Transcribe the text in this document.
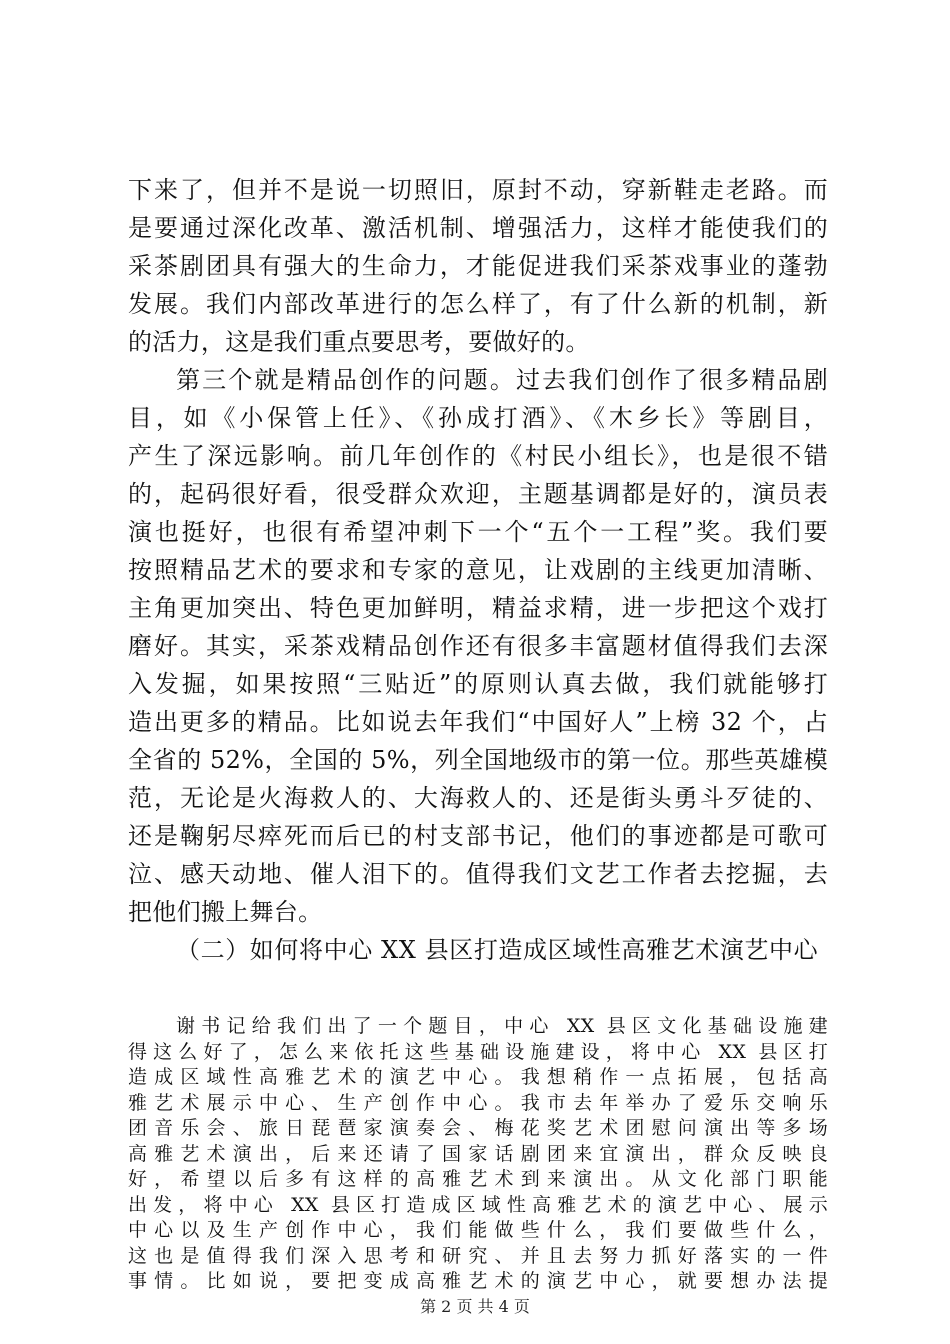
下来了，但并不是说一切照旧，原封不动，穿新鞋走老路。而
是要通过深化改革、激活机制、增强活力，这样才能使我们的
采茶剧团具有强大的生命力，才能促进我们采茶戏事业的蓬勃
发展。我们内部改革进行的怎么样了，有了什么新的机制，新
的活力，这是我们重点要思考，要做好的。
第三个就是精品创作的问题。过去我们创作了很多精品剧
目，如《小保管上任》、《孙成打酒》、《木乡长》等剧目，
产生了深远影响。前几年创作的《村民小组长》，也是很不错
的，起码很好看，很受群众欢迎，主题基调都是好的，演员表
演也挺好，也很有希望冲刺下一个“五个一工程”奖。我们要
按照精品艺术的要求和专家的意见，让戏剧的主线更加清晰、
主角更加突出、特色更加鲜明，精益求精，进一步把这个戏打
磨好。其实，采茶戏精品创作还有很多丰富题材值得我们去深
入发掘，如果按照“三贴近”的原则认真去做，我们就能够打
造出更多的精品。比如说去年我们“中国好人”上榜 32 个，占
全省的 52%，全国的 5%，列全国地级市的第一位。那些英雄模
范，无论是火海救人的、大海救人的、还是街头勇斗歹徒的、
还是鞠躬尽瘁死而后已的村支部书记，他们的事迹都是可歌可
泣、感天动地、催人泪下的。值得我们文艺工作者去挖掘，去
把他们搬上舞台。
（二）如何将中心 XX 县区打造成区域性高雅艺术演艺中心
谢书记给我们出了一个题目，中心 XX 县区文化基础设施建
得这么好了，怎么来依托这些基础设施建设，将中心 XX 县区打
造成区域性高雅艺术的演艺中心。我想稍作一点拓展，包括高
雅艺术展示中心、生产创作中心。我市去年举办了爱乐交响乐
团音乐会、旅日琵琶家演奏会、梅花奖艺术团慰问演出等多场
高雅艺术演出，后来还请了国家话剧团来宜演出，群众反映良
好，希望以后多有这样的高雅艺术到来演出。从文化部门职能
出发，将中心 XX 县区打造成区域性高雅艺术的演艺中心、展示
中心以及生产创作中心，我们能做些什么，我们要做些什么，
这也是值得我们深入思考和研究、并且去努力抓好落实的一件
事情。比如说，要把变成高雅艺术的演艺中心，就要想办法提
第 2 页 共 4 页
